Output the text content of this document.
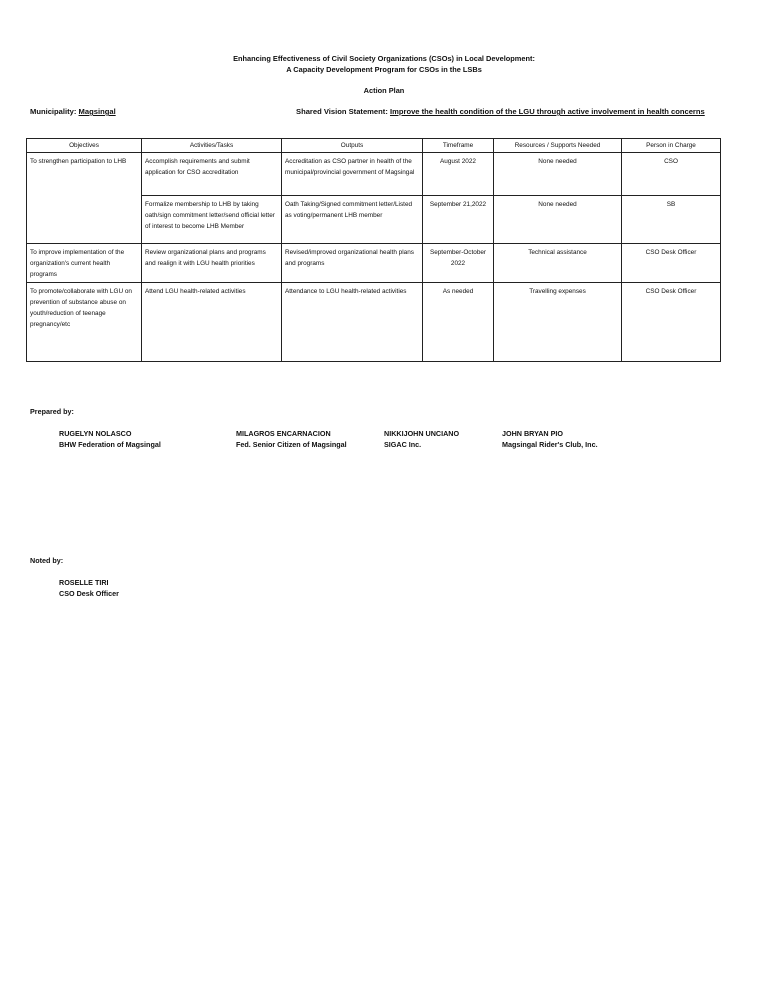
Enhancing Effectiveness of Civil Society Organizations (CSOs) in Local Development:
A Capacity Development Program for CSOs in the LSBs
Action Plan
Municipality: Magsingal	Shared Vision Statement: Improve the health condition of the LGU through active involvement in health concerns
Objectives	Activities/Tasks	Outputs	Timeframe	Resources / Supports Needed	Person in Charge
To strengthen participation to LHB	Accomplish requirements and submit application for CSO accreditation	Accreditation as CSO partner in health of the municipal/provincial government of Magsingal	August 2022	None needed	CSO
	Formalize membership to LHB by taking oath/sign commitment letter/send official letter of interest to become LHB Member	Oath Taking/Signed commitment letter/Listed as voting/permanent LHB member	September 21,2022	None needed	SB
To improve implementation of the organization's current health programs	Review organizational plans and programs and realign it with LGU health priorities	Revised/improved organizational health plans and programs	September-October 2022	Technical assistance	CSO Desk Officer
To promote/collaborate with LGU on prevention of substance abuse on youth/reduction of teenage pregnancy/etc	Attend LGU health-related activities	Attendance to LGU health-related activities	As needed	Travelling expenses	CSO Desk Officer
Prepared by:
RUGELYN NOLASCO
BHW Federation of Magsingal
MILAGROS ENCARNACION
Fed. Senior Citizen of Magsingal
NIKKIJOHN UNCIANO
SIGAC Inc.
JOHN BRYAN PIO
Magsingal Rider's Club, Inc.
Noted by:
ROSELLE TIRI
CSO Desk Officer
